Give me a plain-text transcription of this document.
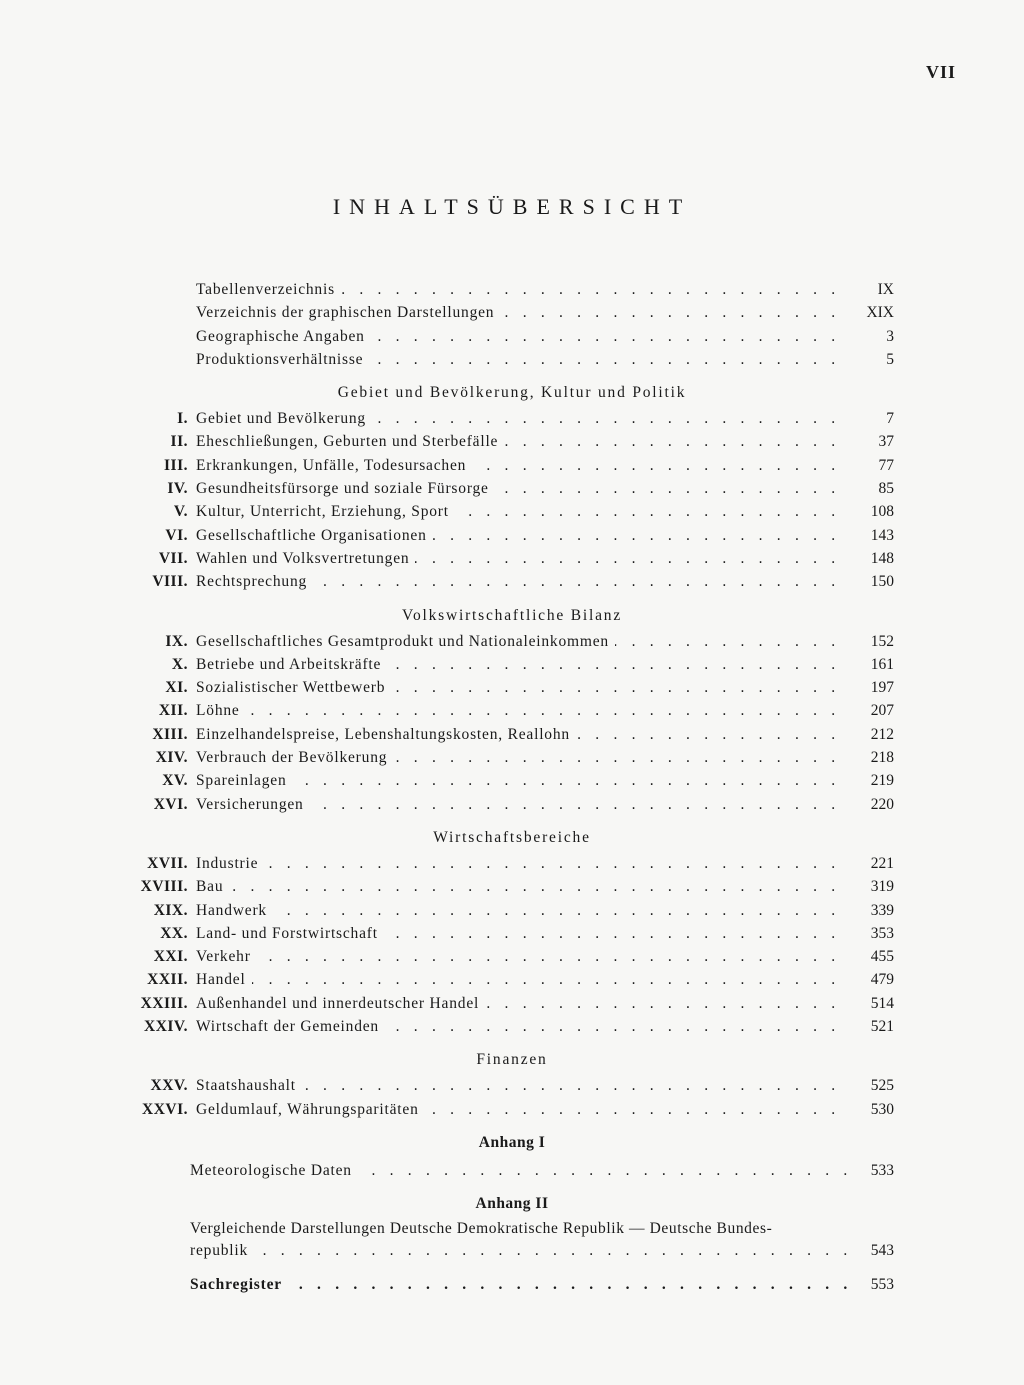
VII
INHALTSÜBERSICHT
Tabellenverzeichnis . . .	IX
Verzeichnis der graphischen Darstellungen . . .	XIX
Geographische Angaben . . .	3
Produktionsverhältnisse . . .	5
Gebiet und Bevölkerung, Kultur und Politik
I. Gebiet und Bevölkerung . . .	7
II. Eheschließungen, Geburten und Sterbefälle . . .	37
III. Erkrankungen, Unfälle, Todesursachen . . .	77
IV. Gesundheitsfürsorge und soziale Fürsorge . . .	85
V. Kultur, Unterricht, Erziehung, Sport . . .	108
VI. Gesellschaftliche Organisationen . . .	143
VII. Wahlen und Volksvertretungen . . .	148
VIII. Rechtsprechung . . .	150
Volkswirtschaftliche Bilanz
IX. Gesellschaftliches Gesamtprodukt und Nationaleinkommen . . .	152
X. Betriebe und Arbeitskräfte . . .	161
XI. Sozialistischer Wettbewerb . . .	197
XII. Löhne . . .	207
XIII. Einzelhandelspreise, Lebenshaltungskosten, Reallohn . . .	212
XIV. Verbrauch der Bevölkerung . . .	218
XV. Spareinlagen . . .	219
XVI. Versicherungen . . .	220
Wirtschaftsbereiche
XVII. Industrie . . .	221
XVIII. Bau . . .	319
XIX. Handwerk . . .	339
XX. Land- und Forstwirtschaft . . .	353
XXI. Verkehr . . .	455
XXII. Handel . . .	479
XXIII. Außenhandel und innerdeutscher Handel . . .	514
XXIV. Wirtschaft der Gemeinden . . .	521
Finanzen
XXV. Staatshaushalt . . .	525
XXVI. Geldumlauf, Währungsparitäten . . .	530
Anhang I
Meteorologische Daten . . .	533
Anhang II
Vergleichende Darstellungen Deutsche Demokratische Republik — Deutsche Bundes-
republik . . .	543
Sachregister . . .	553
